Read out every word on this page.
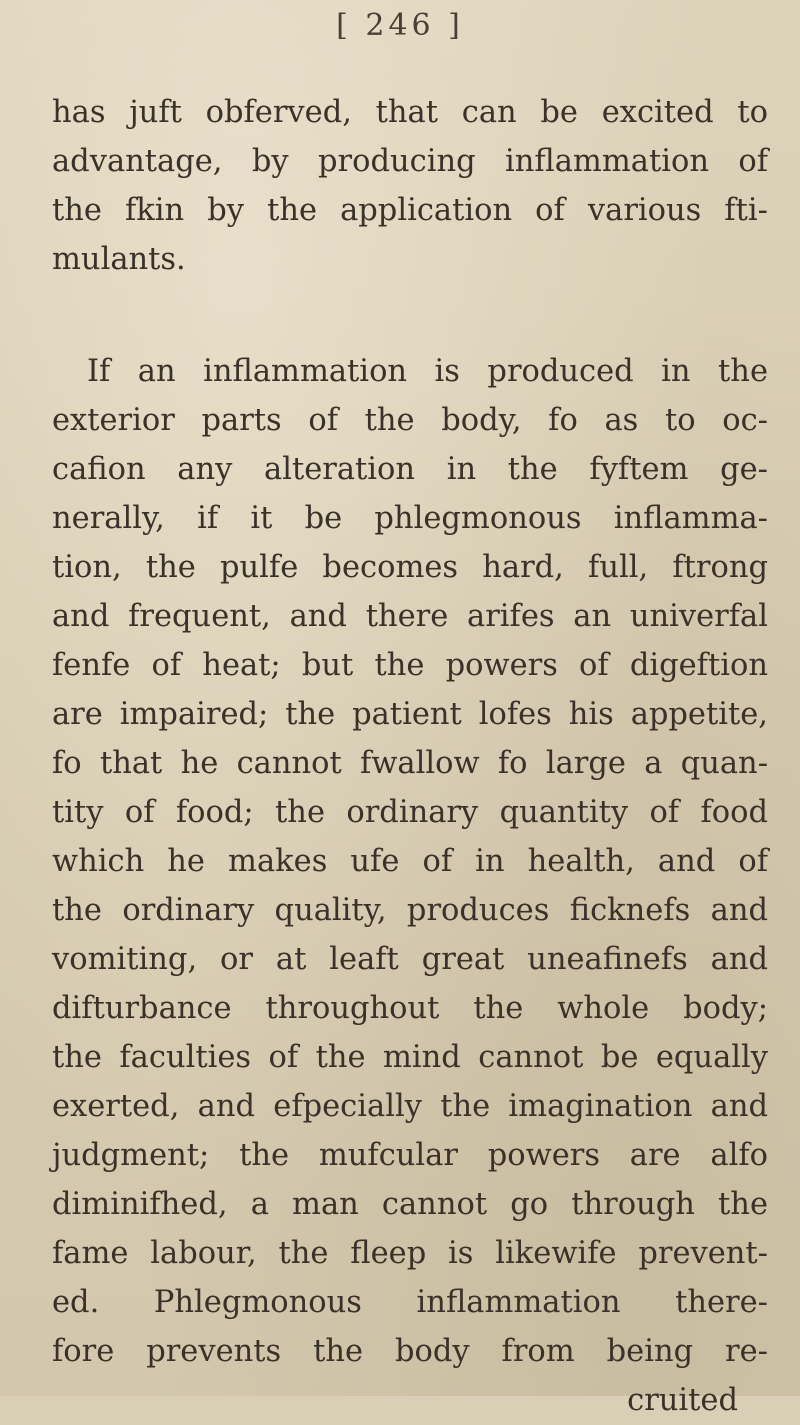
[ 246 ]
has juft obferved, that can be excited to
advantage, by producing inflammation of
the fkin by the application of various fti-
mulants.
If an inflammation is produced in the
exterior parts of the body, fo as to oc-
cafion any alteration in the fyftem ge-
nerally, if it be phlegmonous inflamma-
tion, the pulfe becomes hard, full, ftrong
and frequent, and there arifes an univerfal
fenfe of heat; but the powers of digeftion
are impaired; the patient lofes his appetite,
fo that he cannot fwallow fo large a quan-
tity of food; the ordinary quantity of food
which he makes ufe of in health, and of
the ordinary quality, produces ficknefs and
vomiting, or at leaft great uneafinefs and
difturbance throughout the whole body;
the faculties of the mind cannot be equally
exerted, and efpecially the imagination and
judgment; the mufcular powers are alfo
diminifhed, a man cannot go through the
fame labour, the fleep is likewife prevent-
ed. Phlegmonous inflammation there-
fore prevents the body from being re-
cruited
